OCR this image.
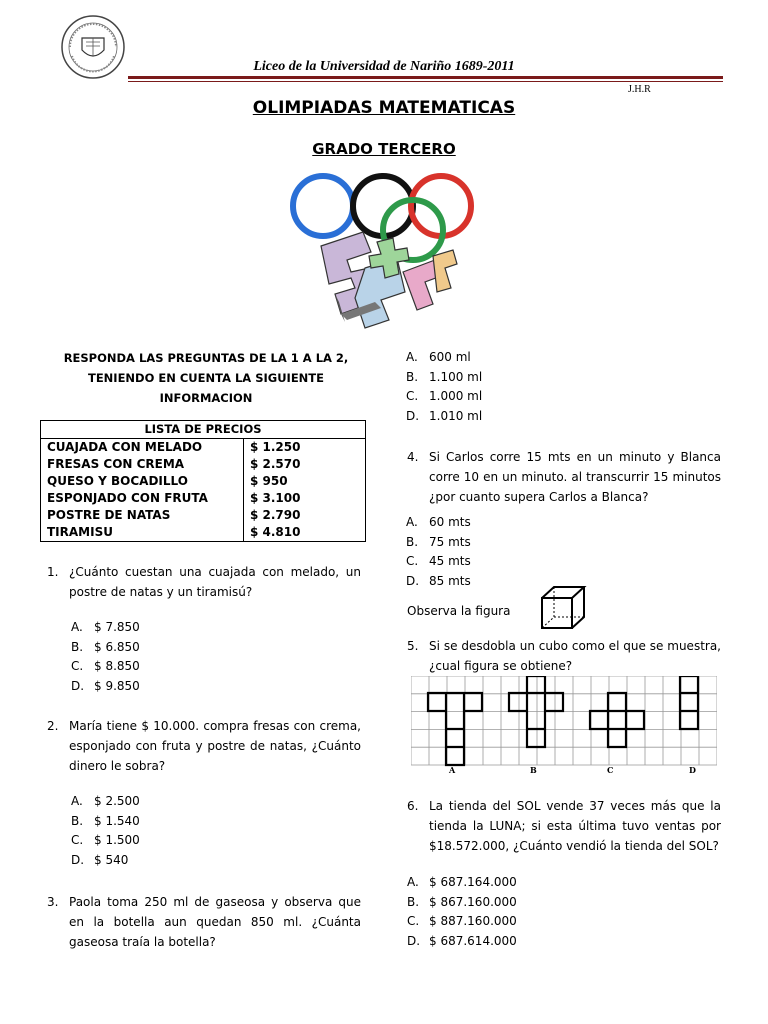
Liceo de la Universidad de Nariño 1689-2011
J.H.R
OLIMPIADAS MATEMATICAS
GRADO TERCERO
RESPONDA LAS PREGUNTAS DE LA 1 A LA 2,
TENIENDO EN CUENTA LA SIGUIENTE
INFORMACION
LISTA DE PRECIOS	
CUAJADA CON MELADO	$ 1.250
FRESAS CON CREMA	$ 2.570
QUESO Y BOCADILLO	$ 950
ESPONJADO CON FRUTA	$ 3.100
POSTRE DE NATAS	$ 2.790
TIRAMISU	$ 4.810
1. ¿Cuánto cuestan una cuajada con melado, un postre de natas y un tiramisú?
A. $ 7.850
B. $ 6.850
C. $ 8.850
D. $ 9.850
2. María tiene $ 10.000. compra fresas con crema, esponjado con fruta y postre de natas, ¿Cuánto dinero le sobra?
A. $ 2.500
B. $ 1.540
C. $ 1.500
D. $ 540
3. Paola toma 250 ml de gaseosa y observa que en la botella aun quedan 850 ml. ¿Cuánta gaseosa traía la botella?
A. 600 ml
B. 1.100 ml
C. 1.000 ml
D. 1.010 ml
4. Si Carlos corre 15 mts en un minuto y Blanca corre 10 en un minuto. al transcurrir 15 minutos ¿por cuanto supera Carlos a Blanca?
A. 60 mts
B. 75 mts
C. 45 mts
D. 85 mts
Observa la figura
5. Si se desdobla un cubo como el que se muestra, ¿cual figura se obtiene?
A	B	C	D
6. La tienda del SOL vende 37 veces más que la tienda la LUNA; si esta última tuvo ventas por $18.572.000, ¿Cuánto vendió la tienda del SOL?
A. $ 687.164.000
B. $ 867.160.000
C. $ 887.160.000
D. $ 687.614.000
